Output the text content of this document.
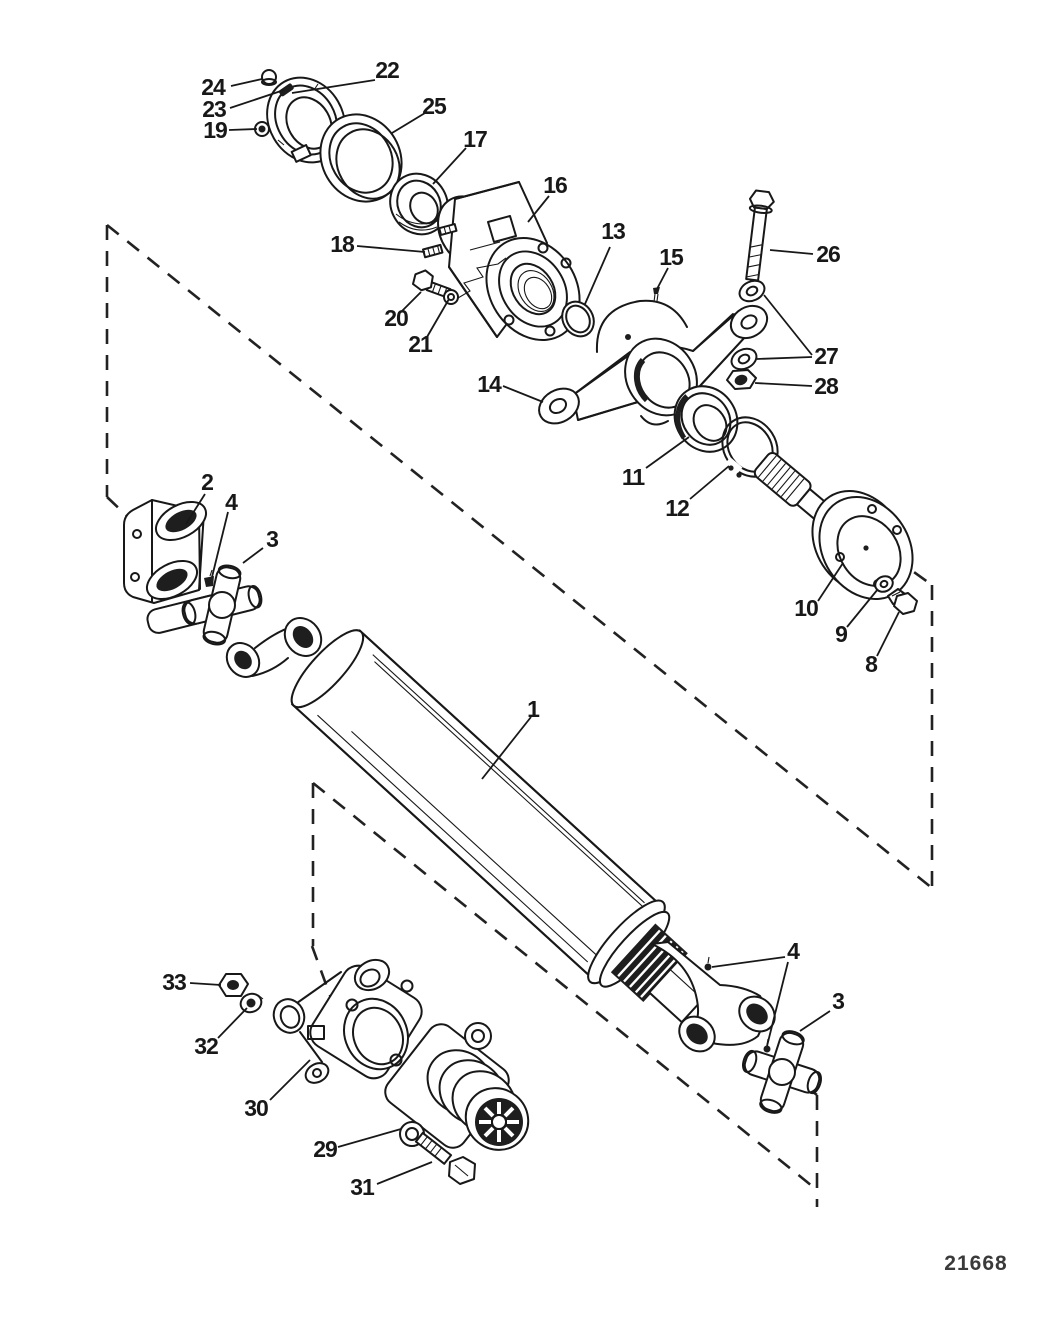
1
2
3
4
3
4
8
9
10
11
12
13
14
15
16
17
18
19
20
21
22
23
24
25
26
27
28
29
30
31
32
33
21668
